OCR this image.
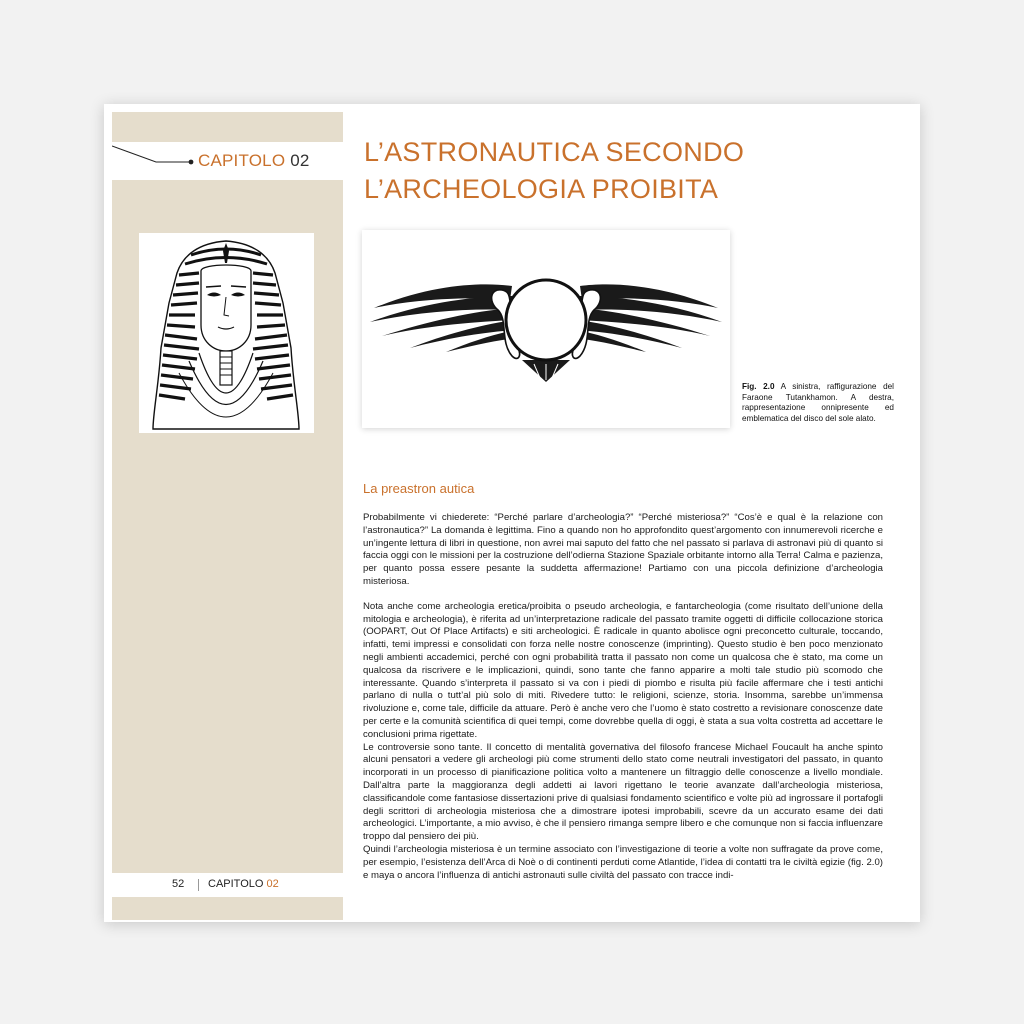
CAPITOLO 02
52 CAPITOLO 02
L’ASTRONAUTICA SECONDO
L’ARCHEOLOGIA PROIBITA
Fig. 2.0 A sinistra, raffigurazione del Faraone Tutankhamon. A destra, rappresentazione onnipresente ed emblematica del disco del sole alato.
La preastron autica

Probabilmente vi chiederete: “Perché parlare d’archeologia?” “Perché misteriosa?” “Cos’è e qual è la relazione con l’astronautica?” La domanda è legittima. Fino a quando non ho approfondito quest’argomento con innumerevoli ricerche e un’ingente lettura di libri in questione, non avrei mai saputo del fatto che nel passato si parlava di astronavi più di quanto si faccia oggi con le missioni per la costruzione dell’odierna Stazione Spaziale orbitante intorno alla Terra! Calma e pazienza, per quanto possa essere pesante la suddetta affermazione! Partiamo con una piccola definizione d’archeologia misteriosa.

Nota anche come archeologia eretica/proibita o pseudo archeologia, e fantarcheologia (come risultato dell’unione della mitologia e archeologia), è riferita ad un’interpretazione radicale del passato tramite oggetti di difficile collocazione storica (OOPART, Out Of Place Artifacts) e siti archeologici. È radicale in quanto abolisce ogni preconcetto culturale, toccando, infatti, temi impressi e consolidati con forza nelle nostre conoscenze (imprinting). Questo studio è ben poco menzionato negli ambienti accademici, perché con ogni probabilità tratta il passato non come un qualcosa che è stato, ma come un qualcosa da riscrivere e le implicazioni, quindi, sono tante che fanno apparire a molti tale studio più scomodo che interessante. Quando s’interpreta il passato si va con i piedi di piombo e risulta più facile affermare che i testi antichi parlano di nulla o tutt’al più solo di miti. Rivedere tutto: le religioni, scienze, storia. Insomma, sarebbe un’immensa rivoluzione e, come tale, difficile da attuare. Però è anche vero che l’uomo è stato costretto a revisionare conoscenze date per certe e la comunità scientifica di quei tempi, come dovrebbe quella di oggi, è stata a sua volta costretta ad accettare le conclusioni prima rigettate.

Le controversie sono tante. Il concetto di mentalità governativa del filosofo francese Michael Foucault ha anche spinto alcuni pensatori a vedere gli archeologi più come strumenti dello stato come neutrali investigatori del passato, in quanto incorporati in un processo di pianificazione politica volto a mantenere un filtraggio delle conoscenze a livello mondiale. Dall’altra parte la maggioranza degli addetti ai lavori rigettano le teorie avanzate dall’archeologia misteriosa, classificandole come fantasiose dissertazioni prive di qualsiasi fondamento scientifico e volte più ad ingrossare il portafogli degli scrittori di archeologia misteriosa che a dimostrare ipotesi improbabili, scevre da un accurato esame dei dati archeologici. L’importante, a mio avviso, è che il pensiero rimanga sempre libero e che comunque non si faccia influenzare troppo dal pensiero dei più.

Quindi l’archeologia misteriosa è un termine associato con l’investigazione di teorie a volte non suffragate da prove come, per esempio, l’esistenza dell’Arca di Noè o di continenti perduti come Atlantide, l’idea di contatti tra le civiltà egizie (fig. 2.0) e maya o ancora l’influenza di antichi astronauti sulle civiltà del passato con tracce indi-
